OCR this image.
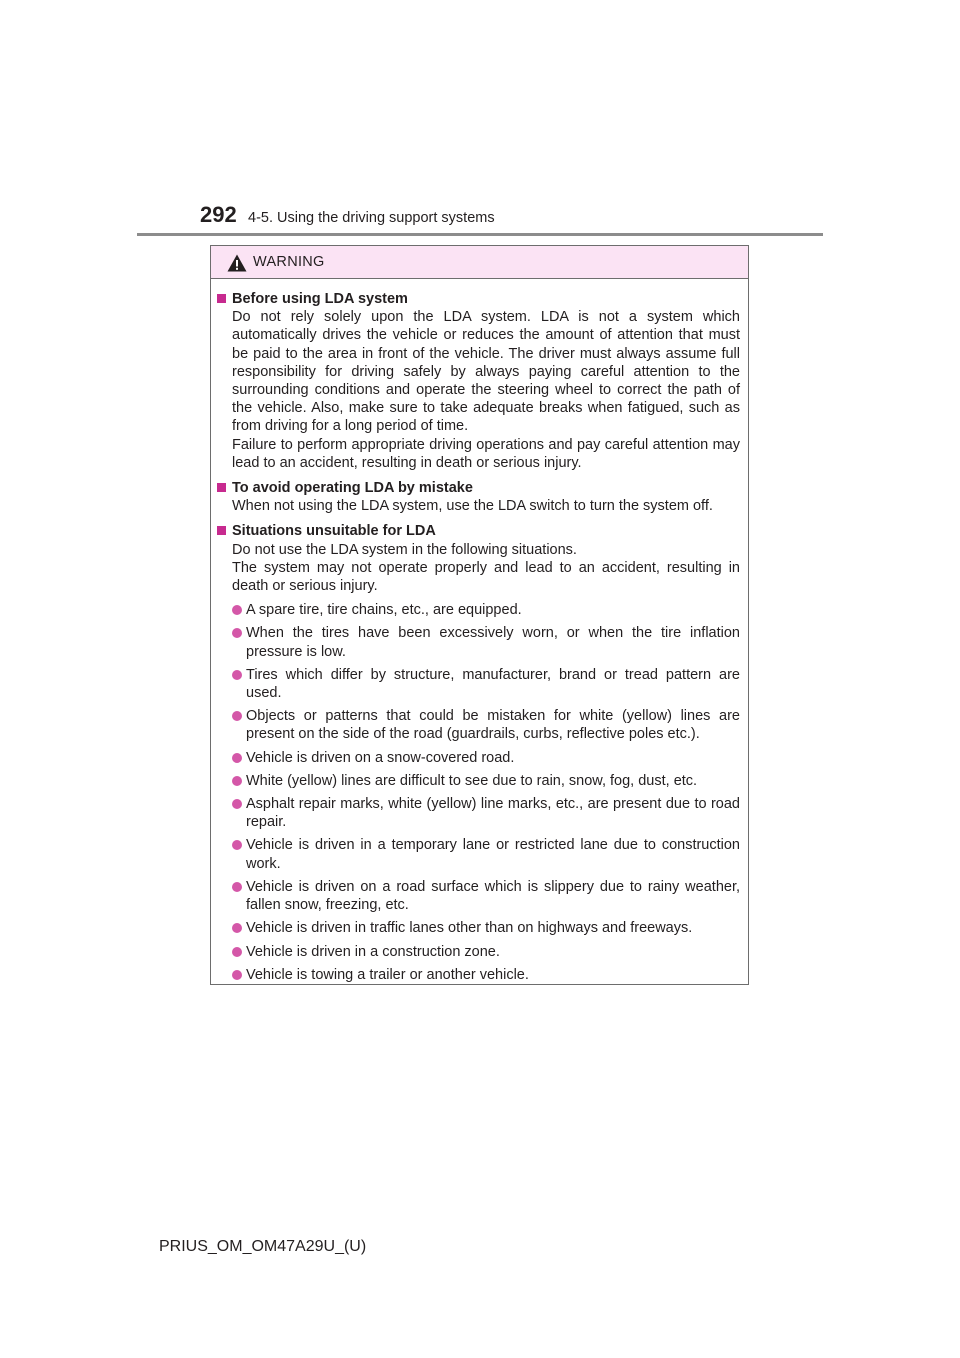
292 4-5. Using the driving support systems
WARNING
Before using LDA system
Do not rely solely upon the LDA system. LDA is not a system which automatically drives the vehicle or reduces the amount of attention that must be paid to the area in front of the vehicle. The driver must always assume full responsibility for driving safely by always paying careful attention to the surrounding conditions and operate the steering wheel to correct the path of the vehicle. Also, make sure to take adequate breaks when fatigued, such as from driving for a long period of time.
Failure to perform appropriate driving operations and pay careful attention may lead to an accident, resulting in death or serious injury.
To avoid operating LDA by mistake
When not using the LDA system, use the LDA switch to turn the system off.
Situations unsuitable for LDA
Do not use the LDA system in the following situations.
The system may not operate properly and lead to an accident, resulting in death or serious injury.
A spare tire, tire chains, etc., are equipped.
When the tires have been excessively worn, or when the tire inflation pressure is low.
Tires which differ by structure, manufacturer, brand or tread pattern are used.
Objects or patterns that could be mistaken for white (yellow) lines are present on the side of the road (guardrails, curbs, reflective poles etc.).
Vehicle is driven on a snow-covered road.
White (yellow) lines are difficult to see due to rain, snow, fog, dust, etc.
Asphalt repair marks, white (yellow) line marks, etc., are present due to road repair.
Vehicle is driven in a temporary lane or restricted lane due to construction work.
Vehicle is driven on a road surface which is slippery due to rainy weather, fallen snow, freezing, etc.
Vehicle is driven in traffic lanes other than on highways and freeways.
Vehicle is driven in a construction zone.
Vehicle is towing a trailer or another vehicle.
PRIUS_OM_OM47A29U_(U)
